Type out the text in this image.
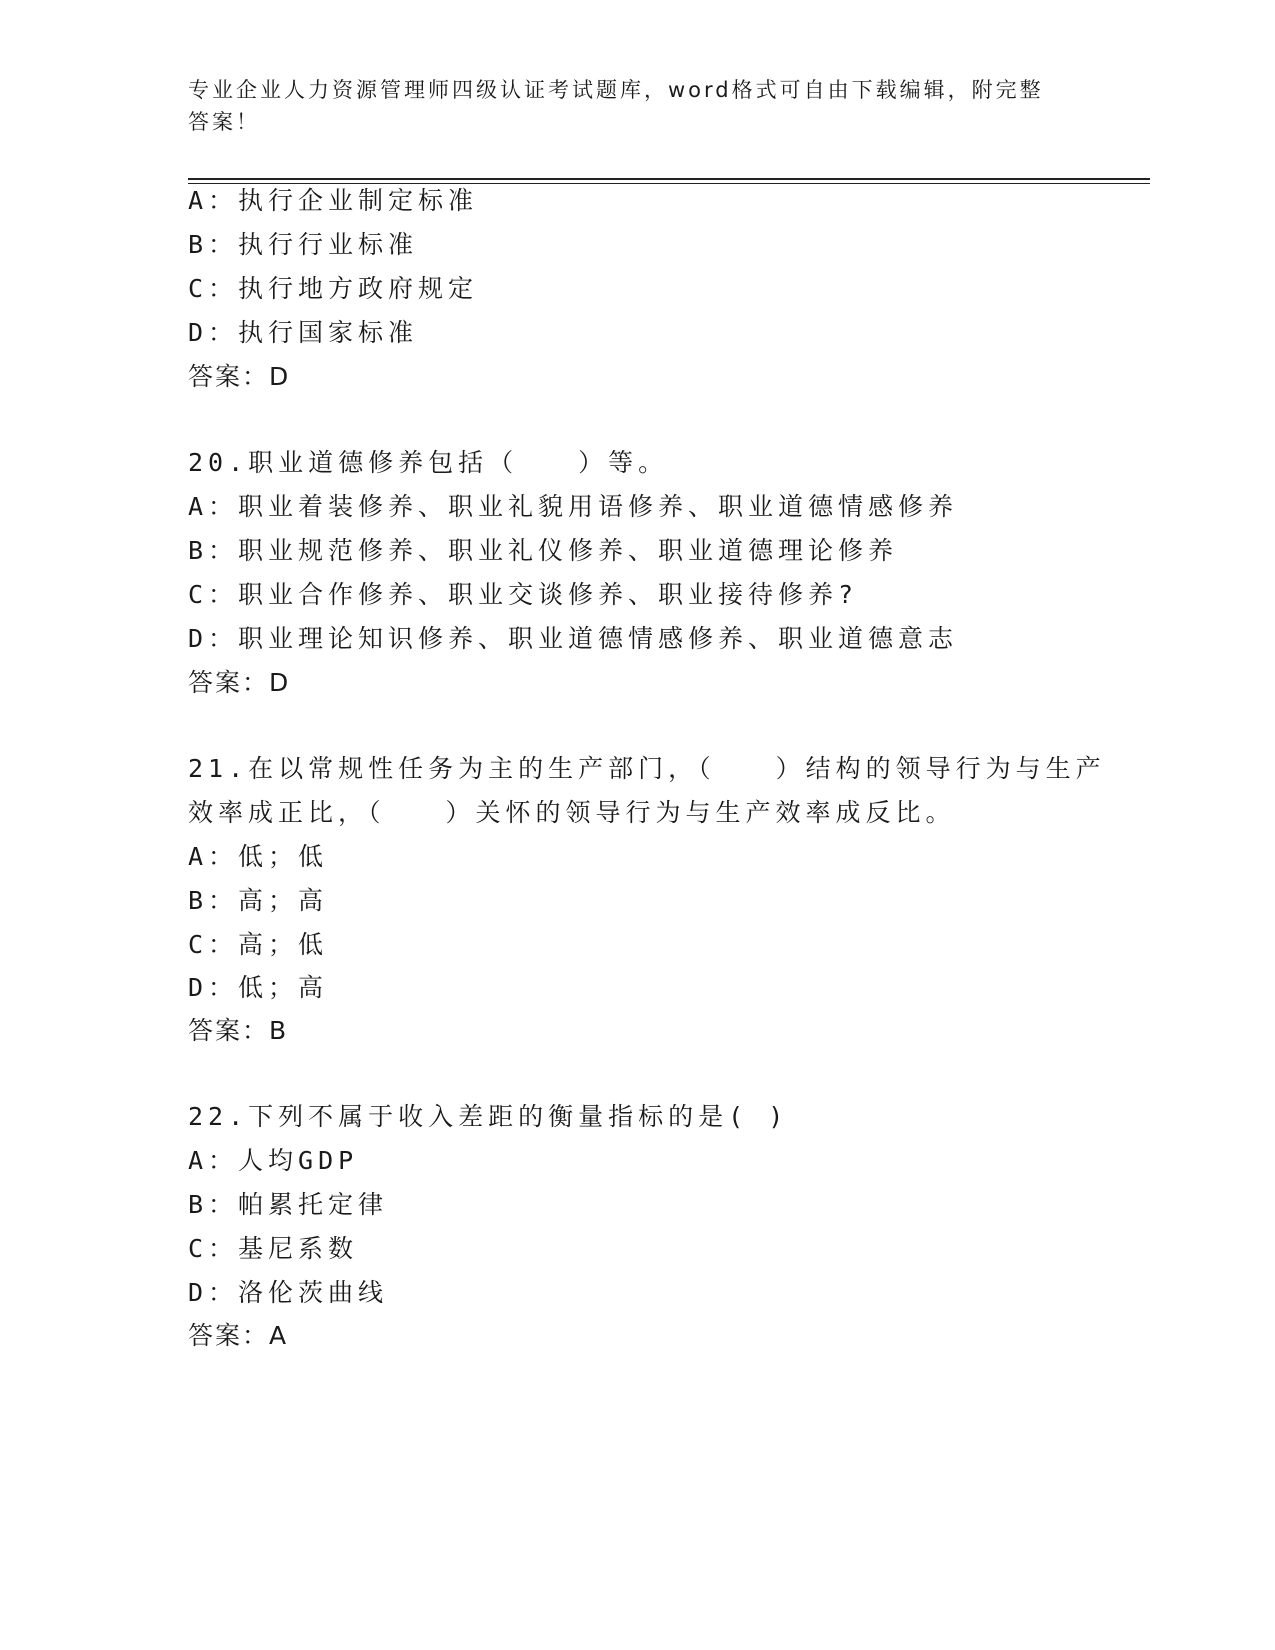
专业企业人力资源管理师四级认证考试题库，word格式可自由下载编辑，附完整

答案！

A：执行企业制定标准

B：执行行业标准

C：执行地方政府规定

D：执行国家标准

答案：D

20.职业道德修养包括（　　）等。

A：职业着装修养、职业礼貌用语修养、职业道德情感修养

B：职业规范修养、职业礼仪修养、职业道德理论修养

C：职业合作修养、职业交谈修养、职业接待修养?

D：职业理论知识修养、职业道德情感修养、职业道德意志

答案：D

21.在以常规性任务为主的生产部门，（　　）结构的领导行为与生产

效率成正比，（　　）关怀的领导行为与生产效率成反比。

A：低；低

B：高；高

C：高；低

D：低；高

答案：B

22.下列不属于收入差距的衡量指标的是( )

A：人均GDP

B：帕累托定律

C：基尼系数

D：洛伦茨曲线

答案：A
